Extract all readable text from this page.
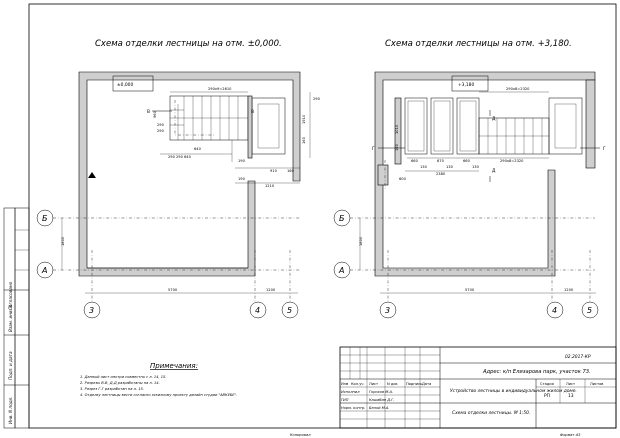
Согласовано
Взам. инв. N
Подп. и дата
Инв. N подл.
Схема отделки лестницы на отм. ±0,000.
±0,000
290х9=2610
В	В
290 290 640
290
290
960
640
910	160
1210
190
190
1910
160
290
Б
А
1800
5700	1200
3	4	5
Схема отделки лестницы на отм. +3,180.
+3,180
290х8=2320
290х8=2320
660	670	660
130	130	130
2380
600
1010
160
Г	Г
Д
Д
Б
А
1800
5700	1200
3	4	5
Примечания:
1. Данный лист смотри совместно с л. 14, 15.
2. Разрезы В-В, Д-Д разработаны на л. 14.
3. Разрез Г-Г разработан на л. 15.
4. Отделку лестницы вести согласно эскизному проекту дизайн студии "АВКУБЕ".
Изм Кол.уч Лист N док Подпись Дата
Исполнил	Горохов М.А.
ГИП	Кашабин Д.Г.
Норм. контр. Белой М.А.
02.2017-КР
Адрес: к/п Елизарова парк, участок 73.
Устройство лестницы в индивидуальном жилом доме.
Схема отделки лестницы. М 1:50.
Стадия	Лист	Листов
РП	13
Копировал	Формат А3
